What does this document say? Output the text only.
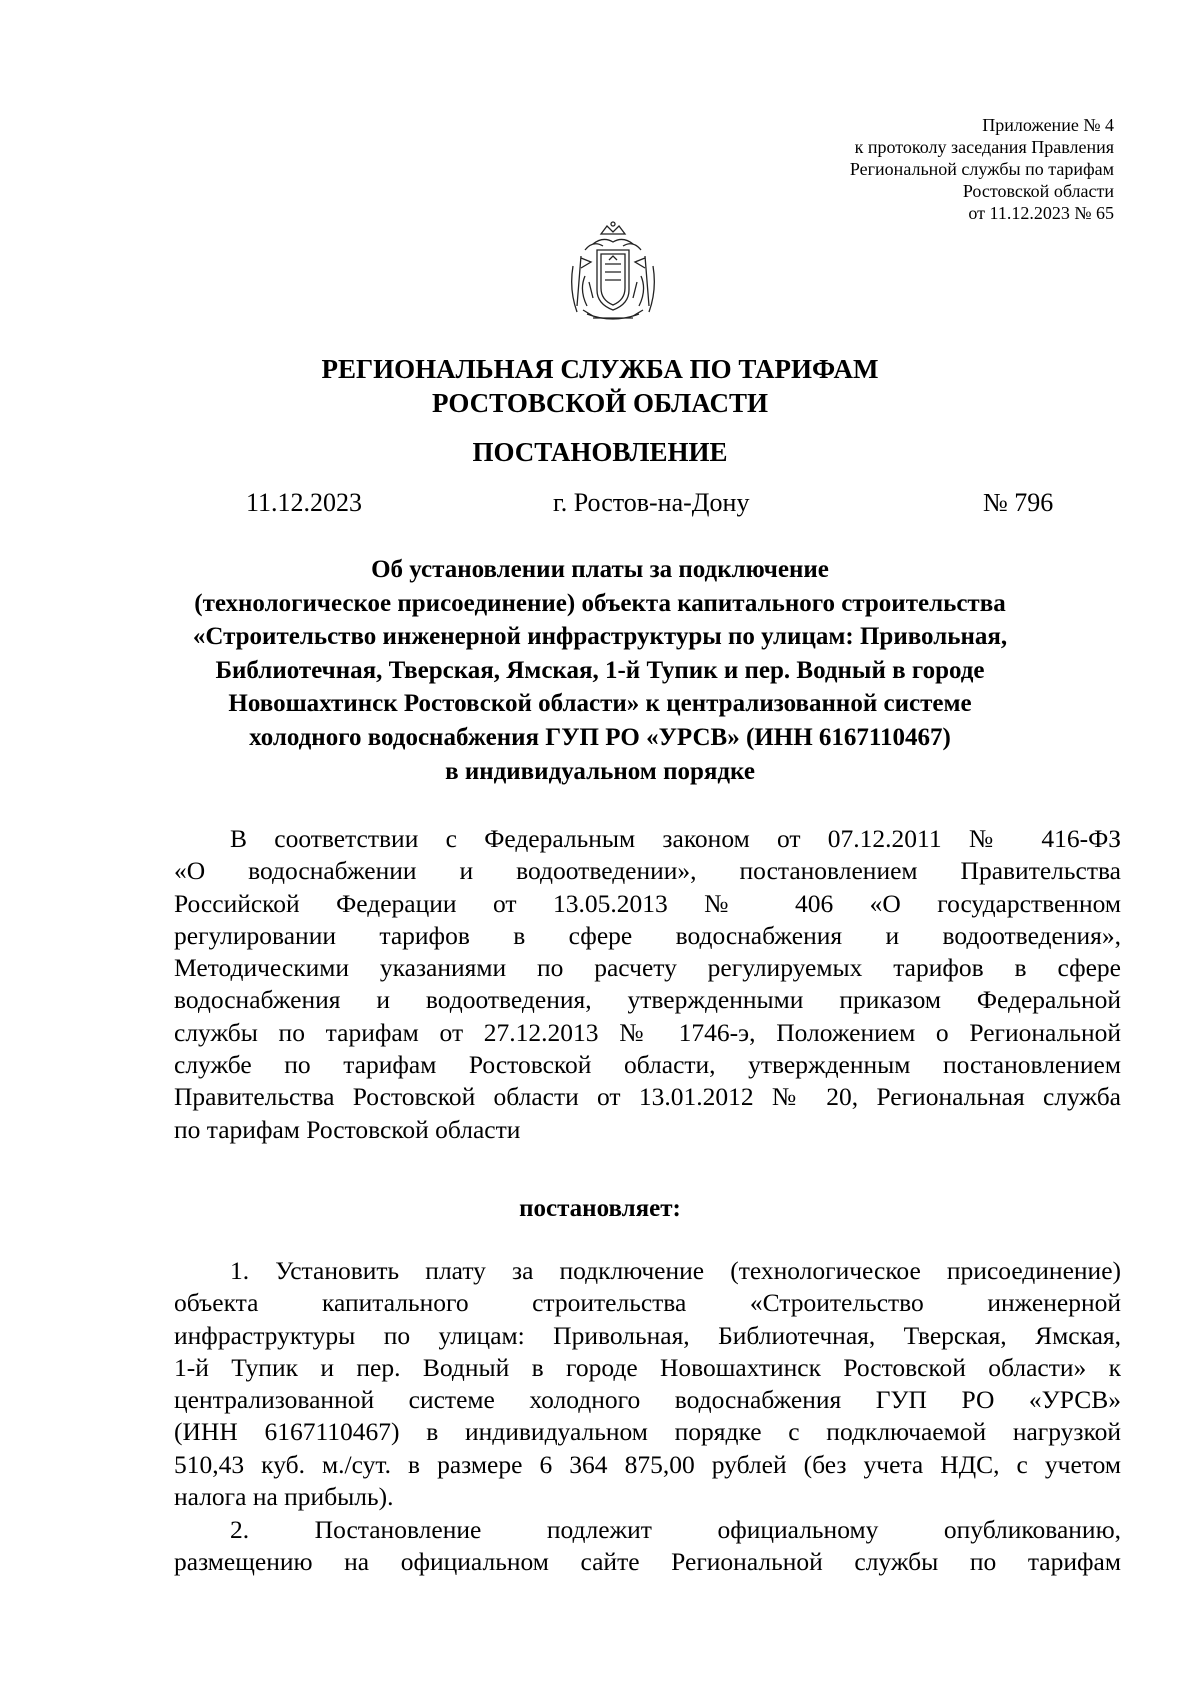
Приложение № 4
к протоколу заседания Правления
Региональной службы по тарифам
Ростовской области
от 11.12.2023 № 65
РЕГИОНАЛЬНАЯ СЛУЖБА ПО ТАРИФАМ
РОСТОВСКОЙ ОБЛАСТИ
ПОСТАНОВЛЕНИЕ
11.12.2023	г. Ростов-на-Дону	№ 796
Об установлении платы за подключение
(технологическое присоединение) объекта капитального строительства
«Строительство инженерной инфраструктуры по улицам: Привольная,
Библиотечная, Тверская, Ямская, 1-й Тупик и пер. Водный в городе
Новошахтинск Ростовской области» к централизованной системе
холодного водоснабжения ГУП РО «УРСВ» (ИНН 6167110467)
в индивидуальном порядке
В соответствии с Федеральным законом от 07.12.2011 № 416-ФЗ
«О водоснабжении и водоотведении», постановлением Правительства
Российской Федерации от 13.05.2013 № 406 «О государственном
регулировании тарифов в сфере водоснабжения и водоотведения»,
Методическими указаниями по расчету регулируемых тарифов в сфере
водоснабжения и водоотведения, утвержденными приказом Федеральной
службы по тарифам от 27.12.2013 № 1746-э, Положением о Региональной
службе по тарифам Ростовской области, утвержденным постановлением
Правительства Ростовской области от 13.01.2012 № 20, Региональная служба
по тарифам Ростовской области
постановляет:
1. Установить плату за подключение (технологическое присоединение)
объекта капитального строительства «Строительство инженерной
инфраструктуры по улицам: Привольная, Библиотечная, Тверская, Ямская,
1-й Тупик и пер. Водный в городе Новошахтинск Ростовской области» к
централизованной системе холодного водоснабжения ГУП РО «УРСВ»
(ИНН 6167110467) в индивидуальном порядке с подключаемой нагрузкой
510,43 куб. м./сут. в размере 6 364 875,00 рублей (без учета НДС, с учетом
налога на прибыль).
2. Постановление подлежит официальному опубликованию,
размещению на официальном сайте Региональной службы по тарифам
